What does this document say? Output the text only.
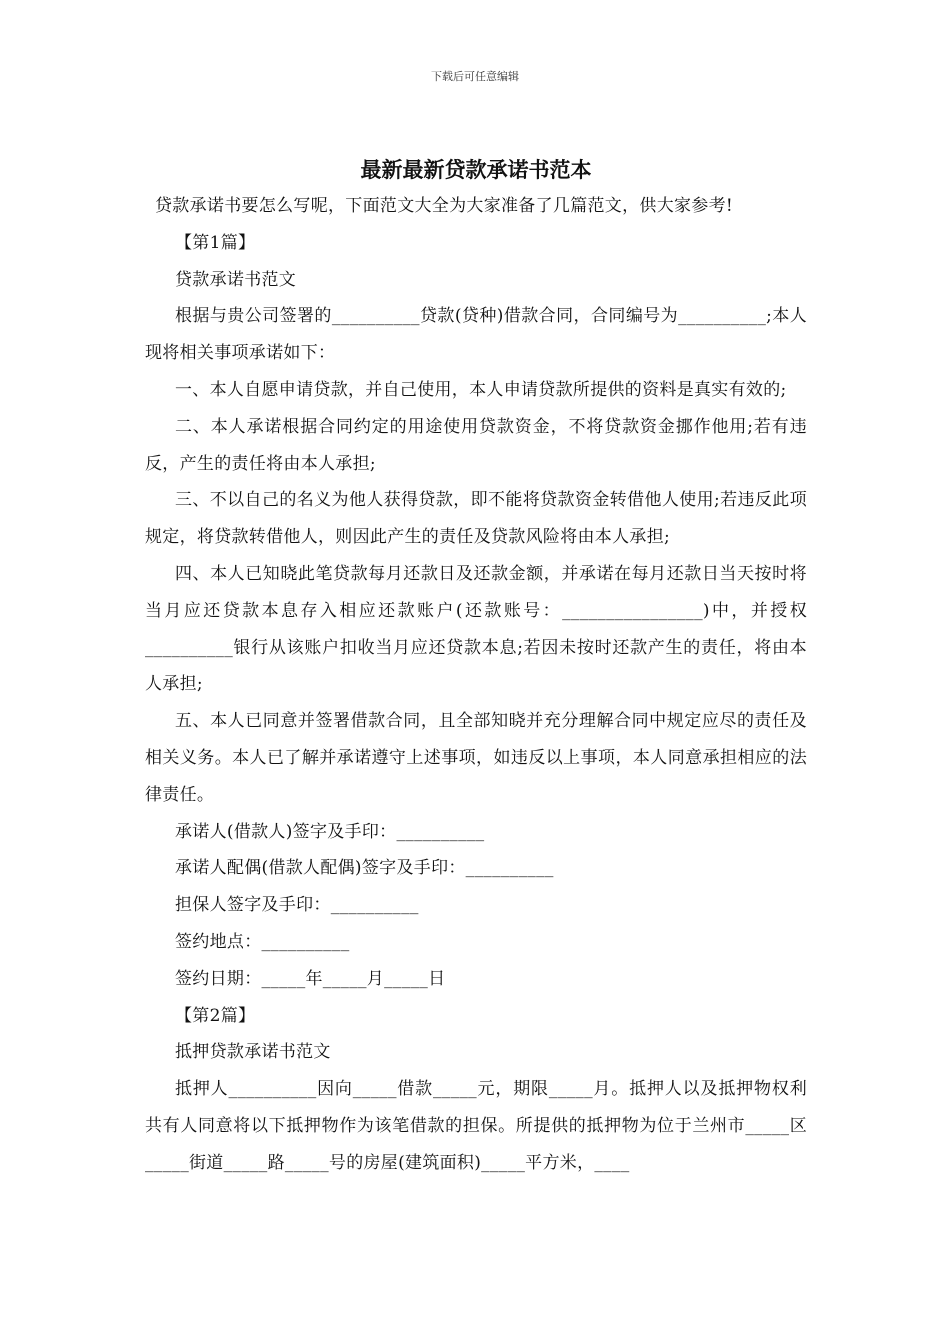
下载后可任意编辑
最新最新贷款承诺书范本
贷款承诺书要怎么写呢，下面范文大全为大家准备了几篇范文，供大家参考!
【第1篇】
贷款承诺书范文
根据与贵公司签署的__________贷款(贷种)借款合同，合同编号为__________;本人现将相关事项承诺如下：
一、本人自愿申请贷款，并自己使用，本人申请贷款所提供的资料是真实有效的;
二、本人承诺根据合同约定的用途使用贷款资金，不将贷款资金挪作他用;若有违反，产生的责任将由本人承担;
三、不以自己的名义为他人获得贷款，即不能将贷款资金转借他人使用;若违反此项规定，将贷款转借他人，则因此产生的责任及贷款风险将由本人承担;
四、本人已知晓此笔贷款每月还款日及还款金额，并承诺在每月还款日当天按时将当月应还贷款本息存入相应还款账户(还款账号：________________)中，并授权__________银行从该账户扣收当月应还贷款本息;若因未按时还款产生的责任，将由本人承担;
五、本人已同意并签署借款合同，且全部知晓并充分理解合同中规定应尽的责任及相关义务。本人已了解并承诺遵守上述事项，如违反以上事项，本人同意承担相应的法律责任。
承诺人(借款人)签字及手印：__________
承诺人配偶(借款人配偶)签字及手印：__________
担保人签字及手印：__________
签约地点：__________
签约日期：_____年_____月_____日
【第2篇】
抵押贷款承诺书范文
抵押人__________因向_____借款_____元，期限_____月。抵押人以及抵押物权利共有人同意将以下抵押物作为该笔借款的担保。所提供的抵押物为位于兰州市_____区_____街道_____路_____号的房屋(建筑面积)_____平方米，____
